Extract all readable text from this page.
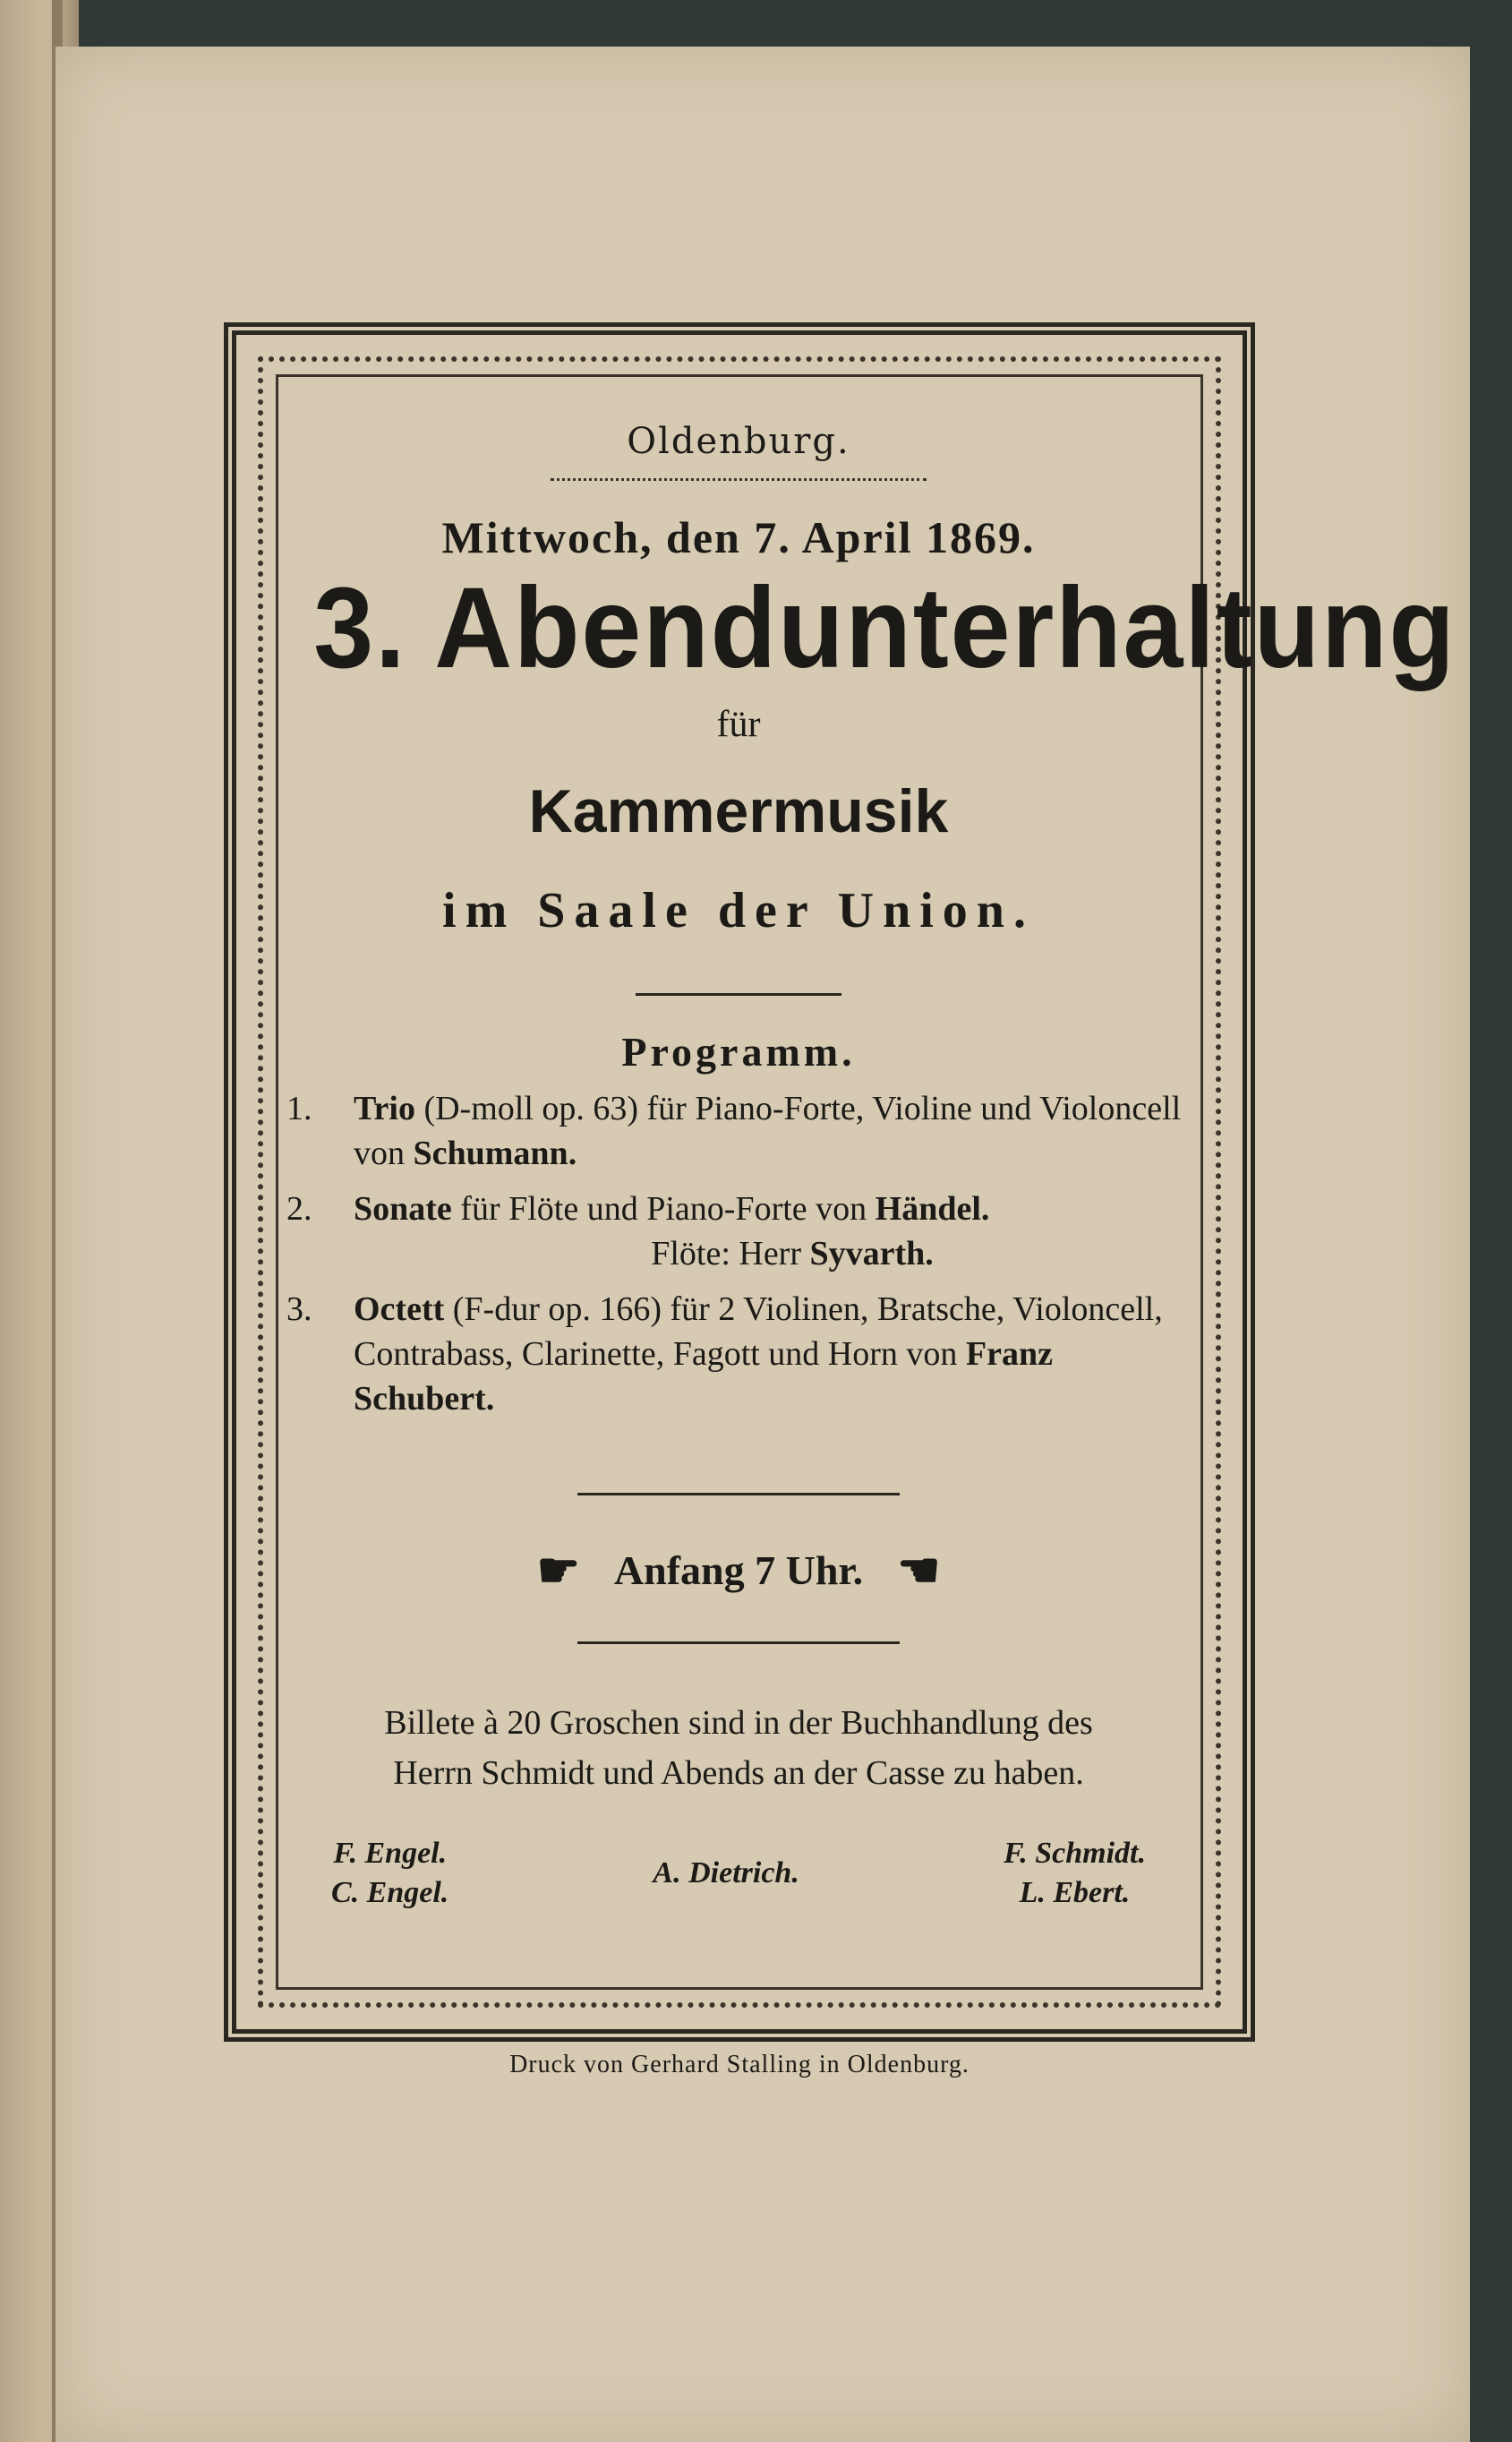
Oldenburg.
Mittwoch, den 7. April 1869.
3. Abendunterhaltung
für
Kammermusik
im Saale der Union.
Programm.
1. Trio (D-moll op. 63) für Piano-Forte, Violine und Violoncell von Schumann.
2. Sonate für Flöte und Piano-Forte von Händel.
Flöte: Herr Syvarth.
3. Octett (F-dur op. 166) für 2 Violinen, Bratsche, Violoncell, Contrabass, Clarinette, Fagott und Horn von Franz Schubert.
☛ Anfang 7 Uhr. ☚
Billete à 20 Groschen sind in der Buchhandlung des
Herrn Schmidt und Abends an der Casse zu haben.
F. Engel.
C. Engel.
A. Dietrich.
F. Schmidt.
L. Ebert.
Druck von Gerhard Stalling in Oldenburg.
